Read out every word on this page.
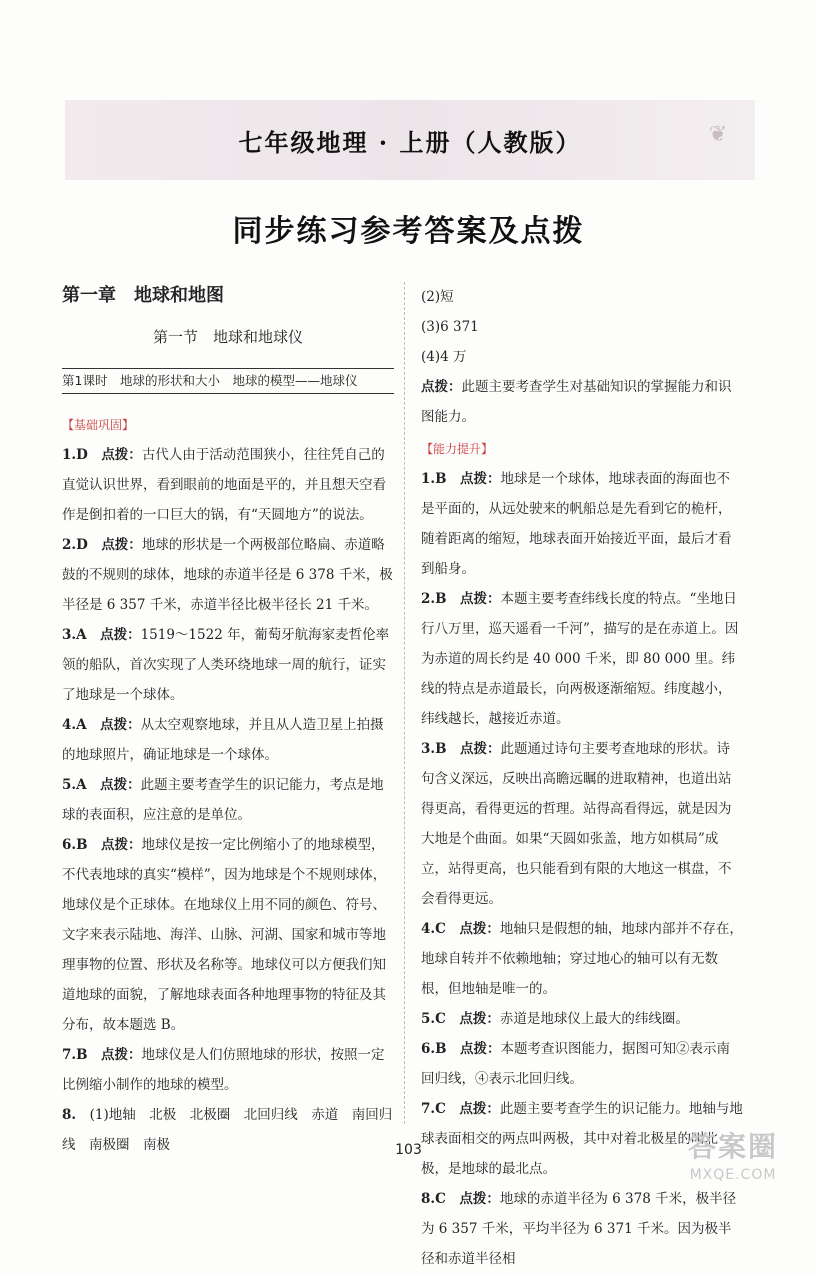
七年级地理 · 上册（人教版）	❦
同步练习参考答案及点拨
第一章　地球和地图
第一节　地球和地球仪
第1课时　地球的形状和大小　地球的模型——地球仪
【基础巩固】
1.D　 点拨：古代人由于活动范围狭小，往往凭自己的直觉认识世界，看到眼前的地面是平的，并且想天空看作是倒扣着的一口巨大的锅，有“天圆地方”的说法。
2.D　 点拨：地球的形状是一个两极部位略扁、赤道略鼓的不规则的球体，地球的赤道半径是 6 378 千米，极半径是 6 357 千米，赤道半径比极半径长 21 千米。
3.A　 点拨：1519～1522 年，葡萄牙航海家麦哲伦率领的船队，首次实现了人类环绕地球一周的航行，证实了地球是一个球体。
4.A　 点拨：从太空观察地球，并且从人造卫星上拍摄的地球照片，确证地球是一个球体。
5.A　 点拨：此题主要考查学生的识记能力，考点是地球的表面积，应注意的是单位。
6.B　 点拨：地球仪是按一定比例缩小了的地球模型，不代表地球的真实“模样”，因为地球是个不规则球体，地球仪是个正球体。在地球仪上用不同的颜色、符号、文字来表示陆地、海洋、山脉、河湖、国家和城市等地理事物的位置、形状及名称等。地球仪可以方便我们知道地球的面貌，了解地球表面各种地理事物的特征及其分布，故本题选 B。
7.B　 点拨：地球仪是人们仿照地球的形状，按照一定比例缩小制作的地球的模型。
8.　 (1)地轴　北极　北极圈　北回归线　赤道　南回归线　南极圈　南极
(2)短
(3)6 371
(4)4 万
点拨：此题主要考查学生对基础知识的掌握能力和识图能力。
【能力提升】
1.B　 点拨：地球是一个球体，地球表面的海面也不是平面的，从远处驶来的帆船总是先看到它的桅杆，随着距离的缩短，地球表面开始接近平面，最后才看到船身。
2.B　 点拨：本题主要考查纬线长度的特点。“坐地日行八万里，巡天遥看一千河”，描写的是在赤道上。因为赤道的周长约是 40 000 千米，即 80 000 里。纬线的特点是赤道最长，向两极逐渐缩短。纬度越小，纬线越长，越接近赤道。
3.B　 点拨：此题通过诗句主要考查地球的形状。诗句含义深远，反映出高瞻远瞩的进取精神，也道出站得更高，看得更远的哲理。站得高看得远，就是因为大地是个曲面。如果“天圆如张盖，地方如棋局”成立，站得更高，也只能看到有限的大地这一棋盘，不会看得更远。
4.C　 点拨：地轴只是假想的轴，地球内部并不存在，地球自转并不依赖地轴；穿过地心的轴可以有无数根，但地轴是唯一的。
5.C　 点拨：赤道是地球仪上最大的纬线圈。
6.B　 点拨：本题考查识图能力，据图可知②表示南回归线，④表示北回归线。
7.C　 点拨：此题主要考查学生的识记能力。地轴与地球表面相交的两点叫两极，其中对着北极星的叫北极，是地球的最北点。
8.C　 点拨：地球的赤道半径为 6 378 千米，极半径为 6 357 千米，平均半径为 6 371 千米。因为极半径和赤道半径相
103	答案圈
MXQE.COM
